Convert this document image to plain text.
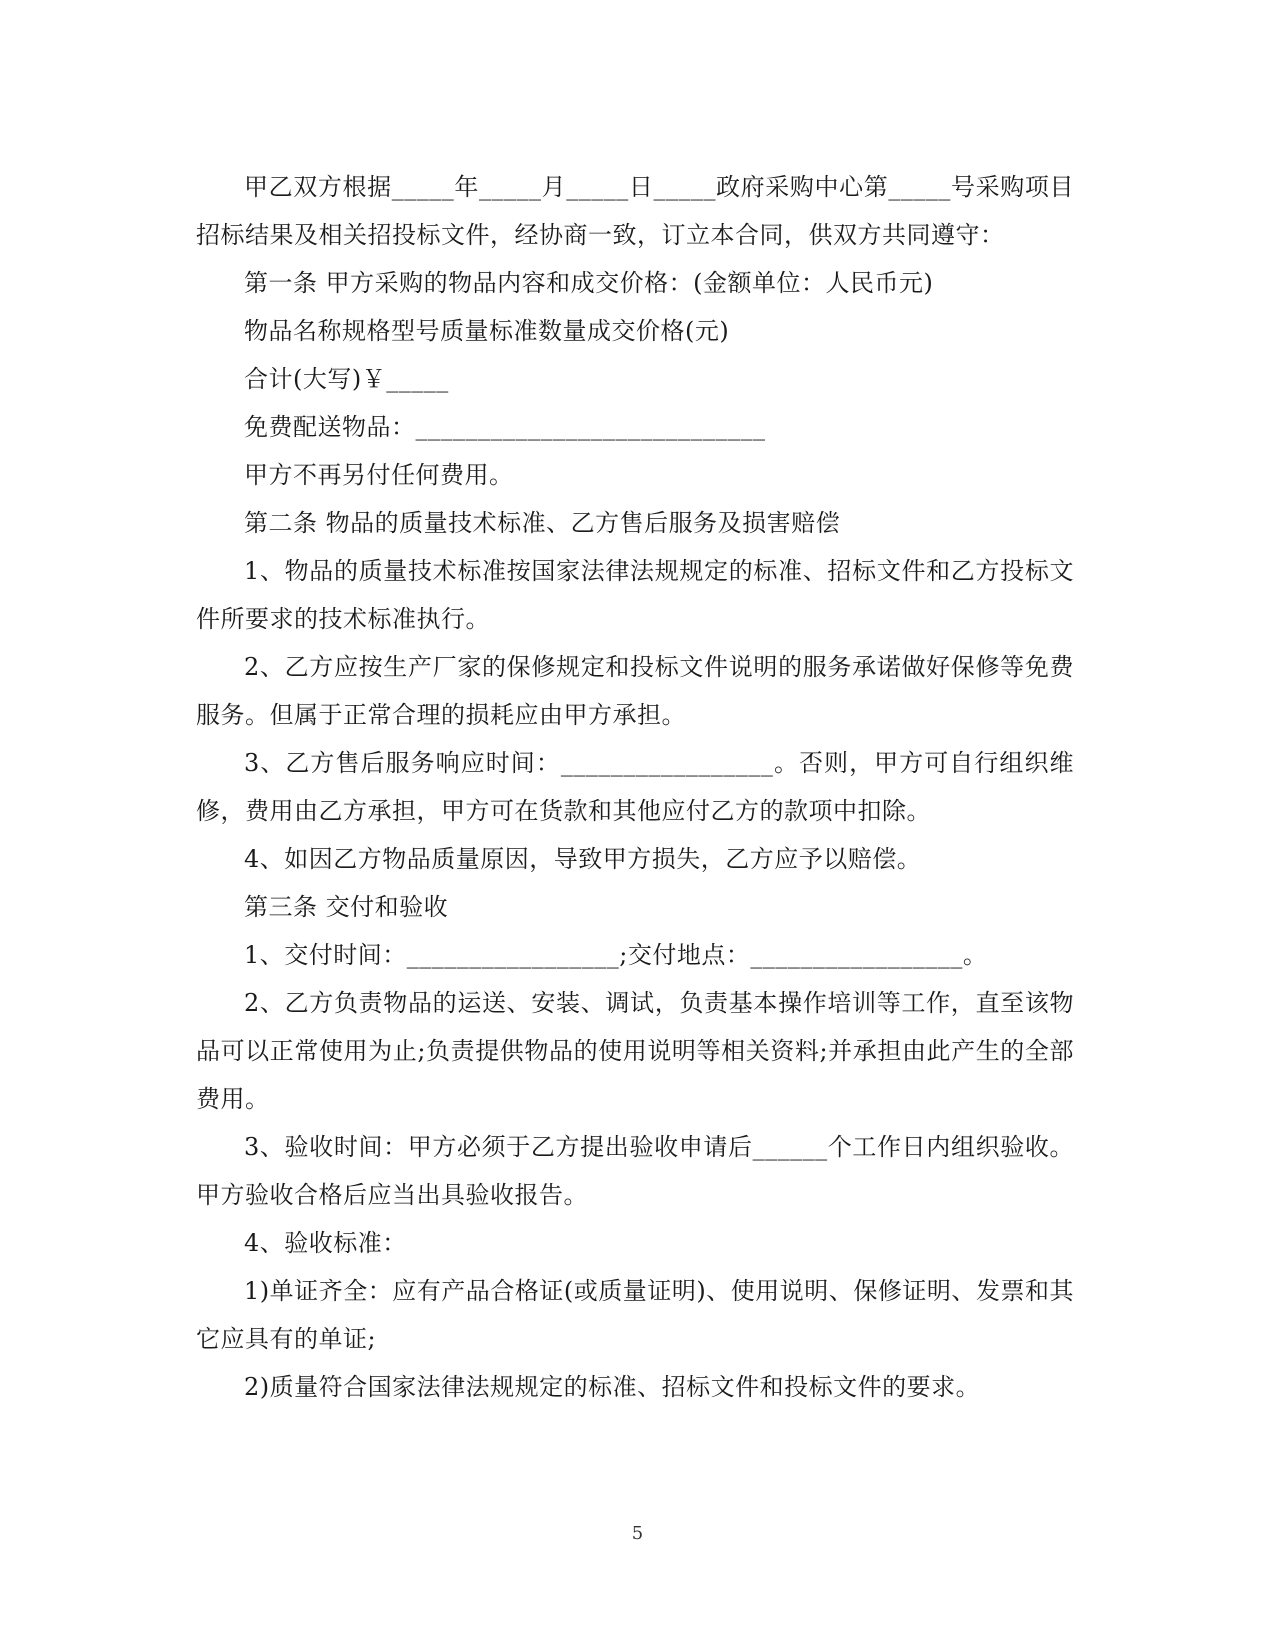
甲乙双方根据_____年_____月_____日_____政府采购中心第_____号采购项目招标结果及相关招投标文件，经协商一致，订立本合同，供双方共同遵守：

第一条 甲方采购的物品内容和成交价格：(金额单位：人民币元)

物品名称规格型号质量标准数量成交价格(元)

合计(大写)￥_____

免费配送物品：____________________________

甲方不再另付任何费用。

第二条 物品的质量技术标准、乙方售后服务及损害赔偿

1、物品的质量技术标准按国家法律法规规定的标准、招标文件和乙方投标文件所要求的技术标准执行。

2、乙方应按生产厂家的保修规定和投标文件说明的服务承诺做好保修等免费服务。但属于正常合理的损耗应由甲方承担。

3、乙方售后服务响应时间：_________________。否则，甲方可自行组织维修，费用由乙方承担，甲方可在货款和其他应付乙方的款项中扣除。

4、如因乙方物品质量原因，导致甲方损失，乙方应予以赔偿。

第三条 交付和验收

1、交付时间：_________________;交付地点：_________________。

2、乙方负责物品的运送、安装、调试，负责基本操作培训等工作，直至该物品可以正常使用为止;负责提供物品的使用说明等相关资料;并承担由此产生的全部费用。

3、验收时间：甲方必须于乙方提出验收申请后______个工作日内组织验收。甲方验收合格后应当出具验收报告。

4、验收标准：

1)单证齐全：应有产品合格证(或质量证明)、使用说明、保修证明、发票和其它应具有的单证;

2)质量符合国家法律法规规定的标准、招标文件和投标文件的要求。

5
